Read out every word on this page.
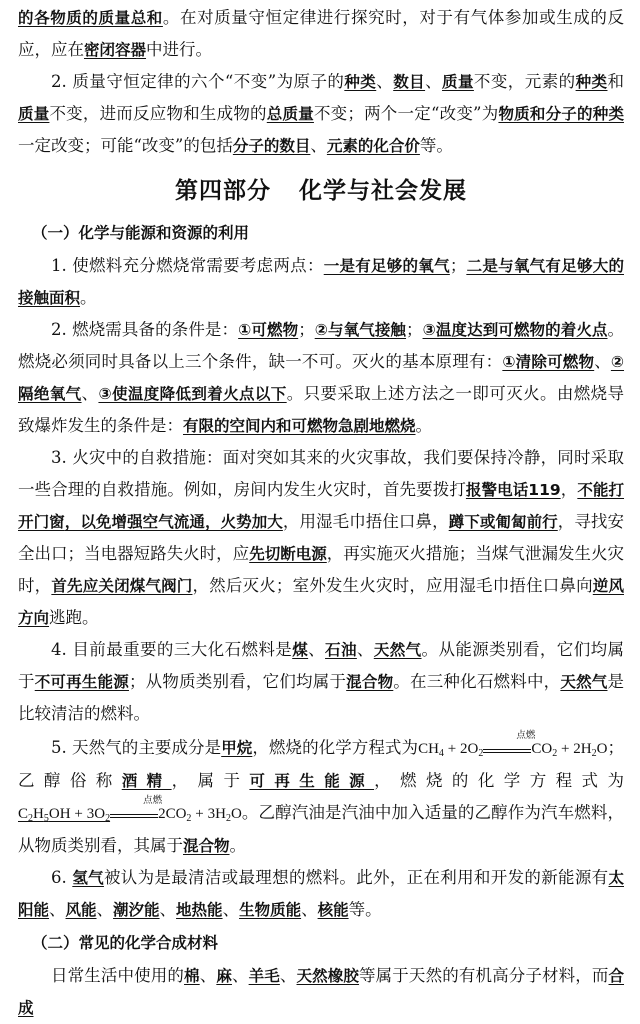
的各物质的质量总和。在对质量守恒定律进行探究时，对于有气体参加或生成的反应，应在密闭容器中进行。

2. 质量守恒定律的六个“不变”为原子的种类、数目、质量不变，元素的种类和质量不变，进而反应物和生成物的总质量不变；两个一定“改变”为物质和分子的种类一定改变；可能“改变”的包括分子的数目、元素的化合价等。

第四部分 化学与社会发展
（一）化学与能源和资源的利用

1. 使燃料充分燃烧常需要考虑两点：一是有足够的氧气；二是与氧气有足够大的接触面积。

2. 燃烧需具备的条件是：①可燃物；②与氧气接触；③温度达到可燃物的着火点。燃烧必须同时具备以上三个条件，缺一不可。灭火的基本原理有：①清除可燃物、②隔绝氧气、③使温度降低到着火点以下。只要采取上述方法之一即可灭火。由燃烧导致爆炸发生的条件是：有限的空间内和可燃物急剧地燃烧。

3. 火灾中的自救措施：面对突如其来的火灾事故，我们要保持冷静，同时采取一些合理的自救措施。例如，房间内发生火灾时，首先要拨打报警电话119，不能打开门窗，以免增强空气流通，火势加大，用湿毛巾捂住口鼻，蹲下或匍匐前行，寻找安全出口；当电器短路失火时，应先切断电源，再实施灭火措施；当煤气泄漏发生火灾时，首先应关闭煤气阀门，然后灭火；室外发生火灾时，应用湿毛巾捂住口鼻向逆风方向逃跑。

4. 目前最重要的三大化石燃料是煤、石油、天然气。从能源类别看，它们均属于不可再生能源；从物质类别看，它们均属于混合物。在三种化石燃料中，天然气是比较清洁的燃料。

5. 天然气的主要成分是甲烷，燃烧的化学方程式为$CH_4 + 2O_2$
点燃
$CO_2 + 2H_2O$；乙醇俗称酒精，属于可再生能源，燃烧的化学方程式为$C_2H_5OH + 3O_2$
点燃
$2CO_2 + 3H_2O$。乙醇汽油是汽油中加入适量的乙醇作为汽车燃料，从物质类别看，其属于混合物。

6. 氢气被认为是最清洁或最理想的燃料。此外，正在利用和开发的新能源有太阳能、风能、潮汐能、地热能、生物质能、核能等。

（二）常见的化学合成材料

日常生活中使用的棉、麻、羊毛、天然橡胶等属于天然的有机高分子材料，而合成
